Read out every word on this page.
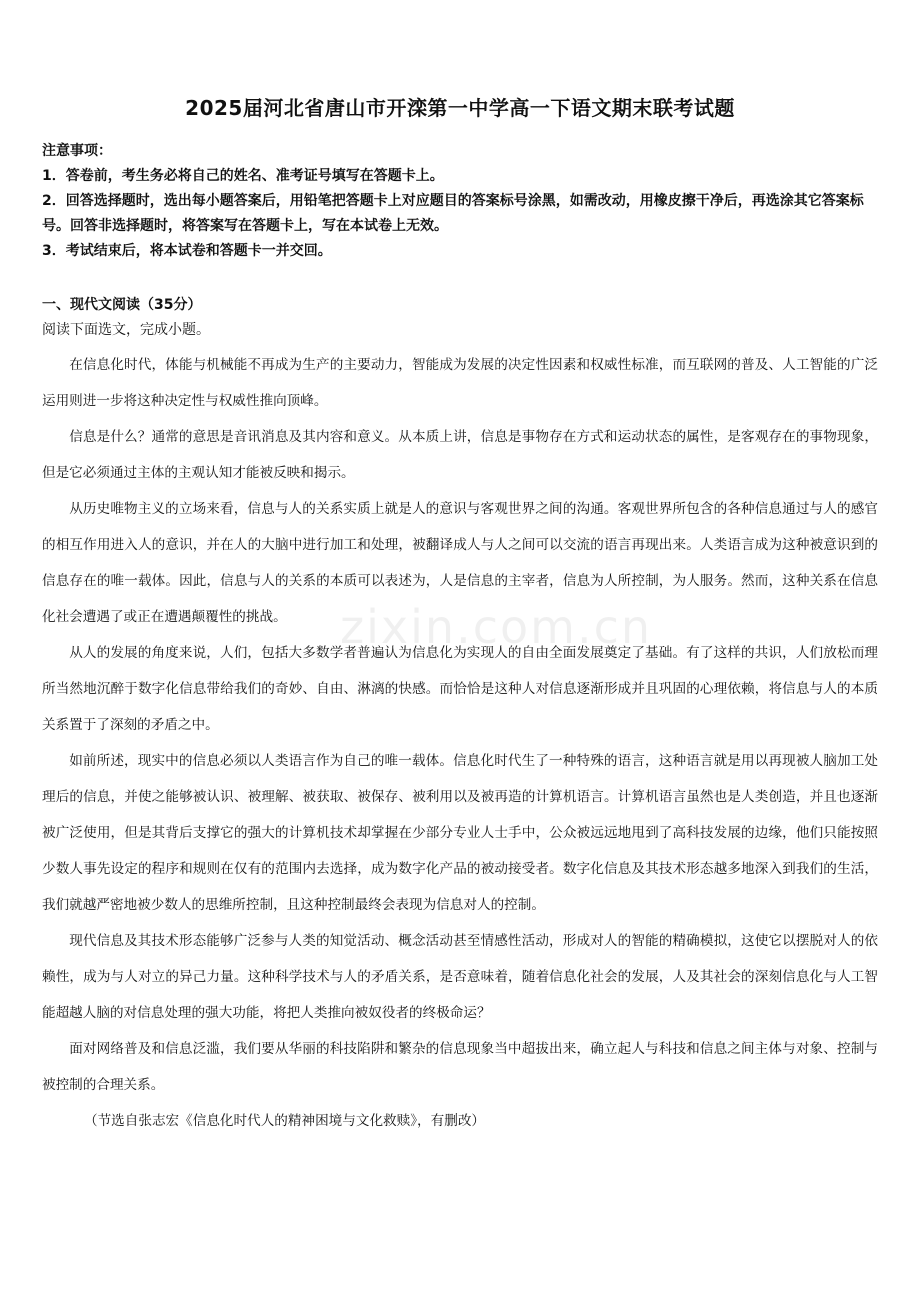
2025届河北省唐山市开滦第一中学高一下语文期末联考试题

注意事项：

1．答卷前，考生务必将自己的姓名、准考证号填写在答题卡上。

2．回答选择题时，选出每小题答案后，用铅笔把答题卡上对应题目的答案标号涂黑，如需改动，用橡皮擦干净后，再选涂其它答案标号。回答非选择题时，将答案写在答题卡上，写在本试卷上无效。

3．考试结束后，将本试卷和答题卡一并交回。

一、现代文阅读（35分）

阅读下面选文，完成小题。

在信息化时代，体能与机械能不再成为生产的主要动力，智能成为发展的决定性因素和权威性标准，而互联网的普及、人工智能的广泛运用则进一步将这种决定性与权威性推向顶峰。

信息是什么？通常的意思是音讯消息及其内容和意义。从本质上讲，信息是事物存在方式和运动状态的属性，是客观存在的事物现象，但是它必须通过主体的主观认知才能被反映和揭示。

从历史唯物主义的立场来看，信息与人的关系实质上就是人的意识与客观世界之间的沟通。客观世界所包含的各种信息通过与人的感官的相互作用进入人的意识，并在人的大脑中进行加工和处理，被翻译成人与人之间可以交流的语言再现出来。人类语言成为这种被意识到的信息存在的唯一载体。因此，信息与人的关系的本质可以表述为，人是信息的主宰者，信息为人所控制，为人服务。然而，这种关系在信息化社会遭遇了或正在遭遇颠覆性的挑战。

从人的发展的角度来说，人们，包括大多数学者普遍认为信息化为实现人的自由全面发展奠定了基础。有了这样的共识，人们放松而理所当然地沉醉于数字化信息带给我们的奇妙、自由、淋漓的快感。而恰恰是这种人对信息逐渐形成并且巩固的心理依赖，将信息与人的本质关系置于了深刻的矛盾之中。

如前所述，现实中的信息必须以人类语言作为自己的唯一载体。信息化时代生了一种特殊的语言，这种语言就是用以再现被人脑加工处理后的信息，并使之能够被认识、被理解、被获取、被保存、被利用以及被再造的计算机语言。计算机语言虽然也是人类创造，并且也逐渐被广泛使用，但是其背后支撑它的强大的计算机技术却掌握在少部分专业人士手中，公众被远远地甩到了高科技发展的边缘，他们只能按照少数人事先设定的程序和规则在仅有的范围内去选择，成为数字化产品的被动接受者。数字化信息及其技术形态越多地深入到我们的生活，我们就越严密地被少数人的思维所控制，且这种控制最终会表现为信息对人的控制。

现代信息及其技术形态能够广泛参与人类的知觉活动、概念活动甚至情感性活动，形成对人的智能的精确模拟，这使它以摆脱对人的依赖性，成为与人对立的异己力量。这种科学技术与人的矛盾关系，是否意味着，随着信息化社会的发展，人及其社会的深刻信息化与人工智能超越人脑的对信息处理的强大功能，将把人类推向被奴役者的终极命运？

面对网络普及和信息泛滥，我们要从华丽的科技陷阱和繁杂的信息现象当中超拔出来，确立起人与科技和信息之间主体与对象、控制与被控制的合理关系。

（节选自张志宏《信息化时代人的精神困境与文化救赎》，有删改）

zixin.com.cn
